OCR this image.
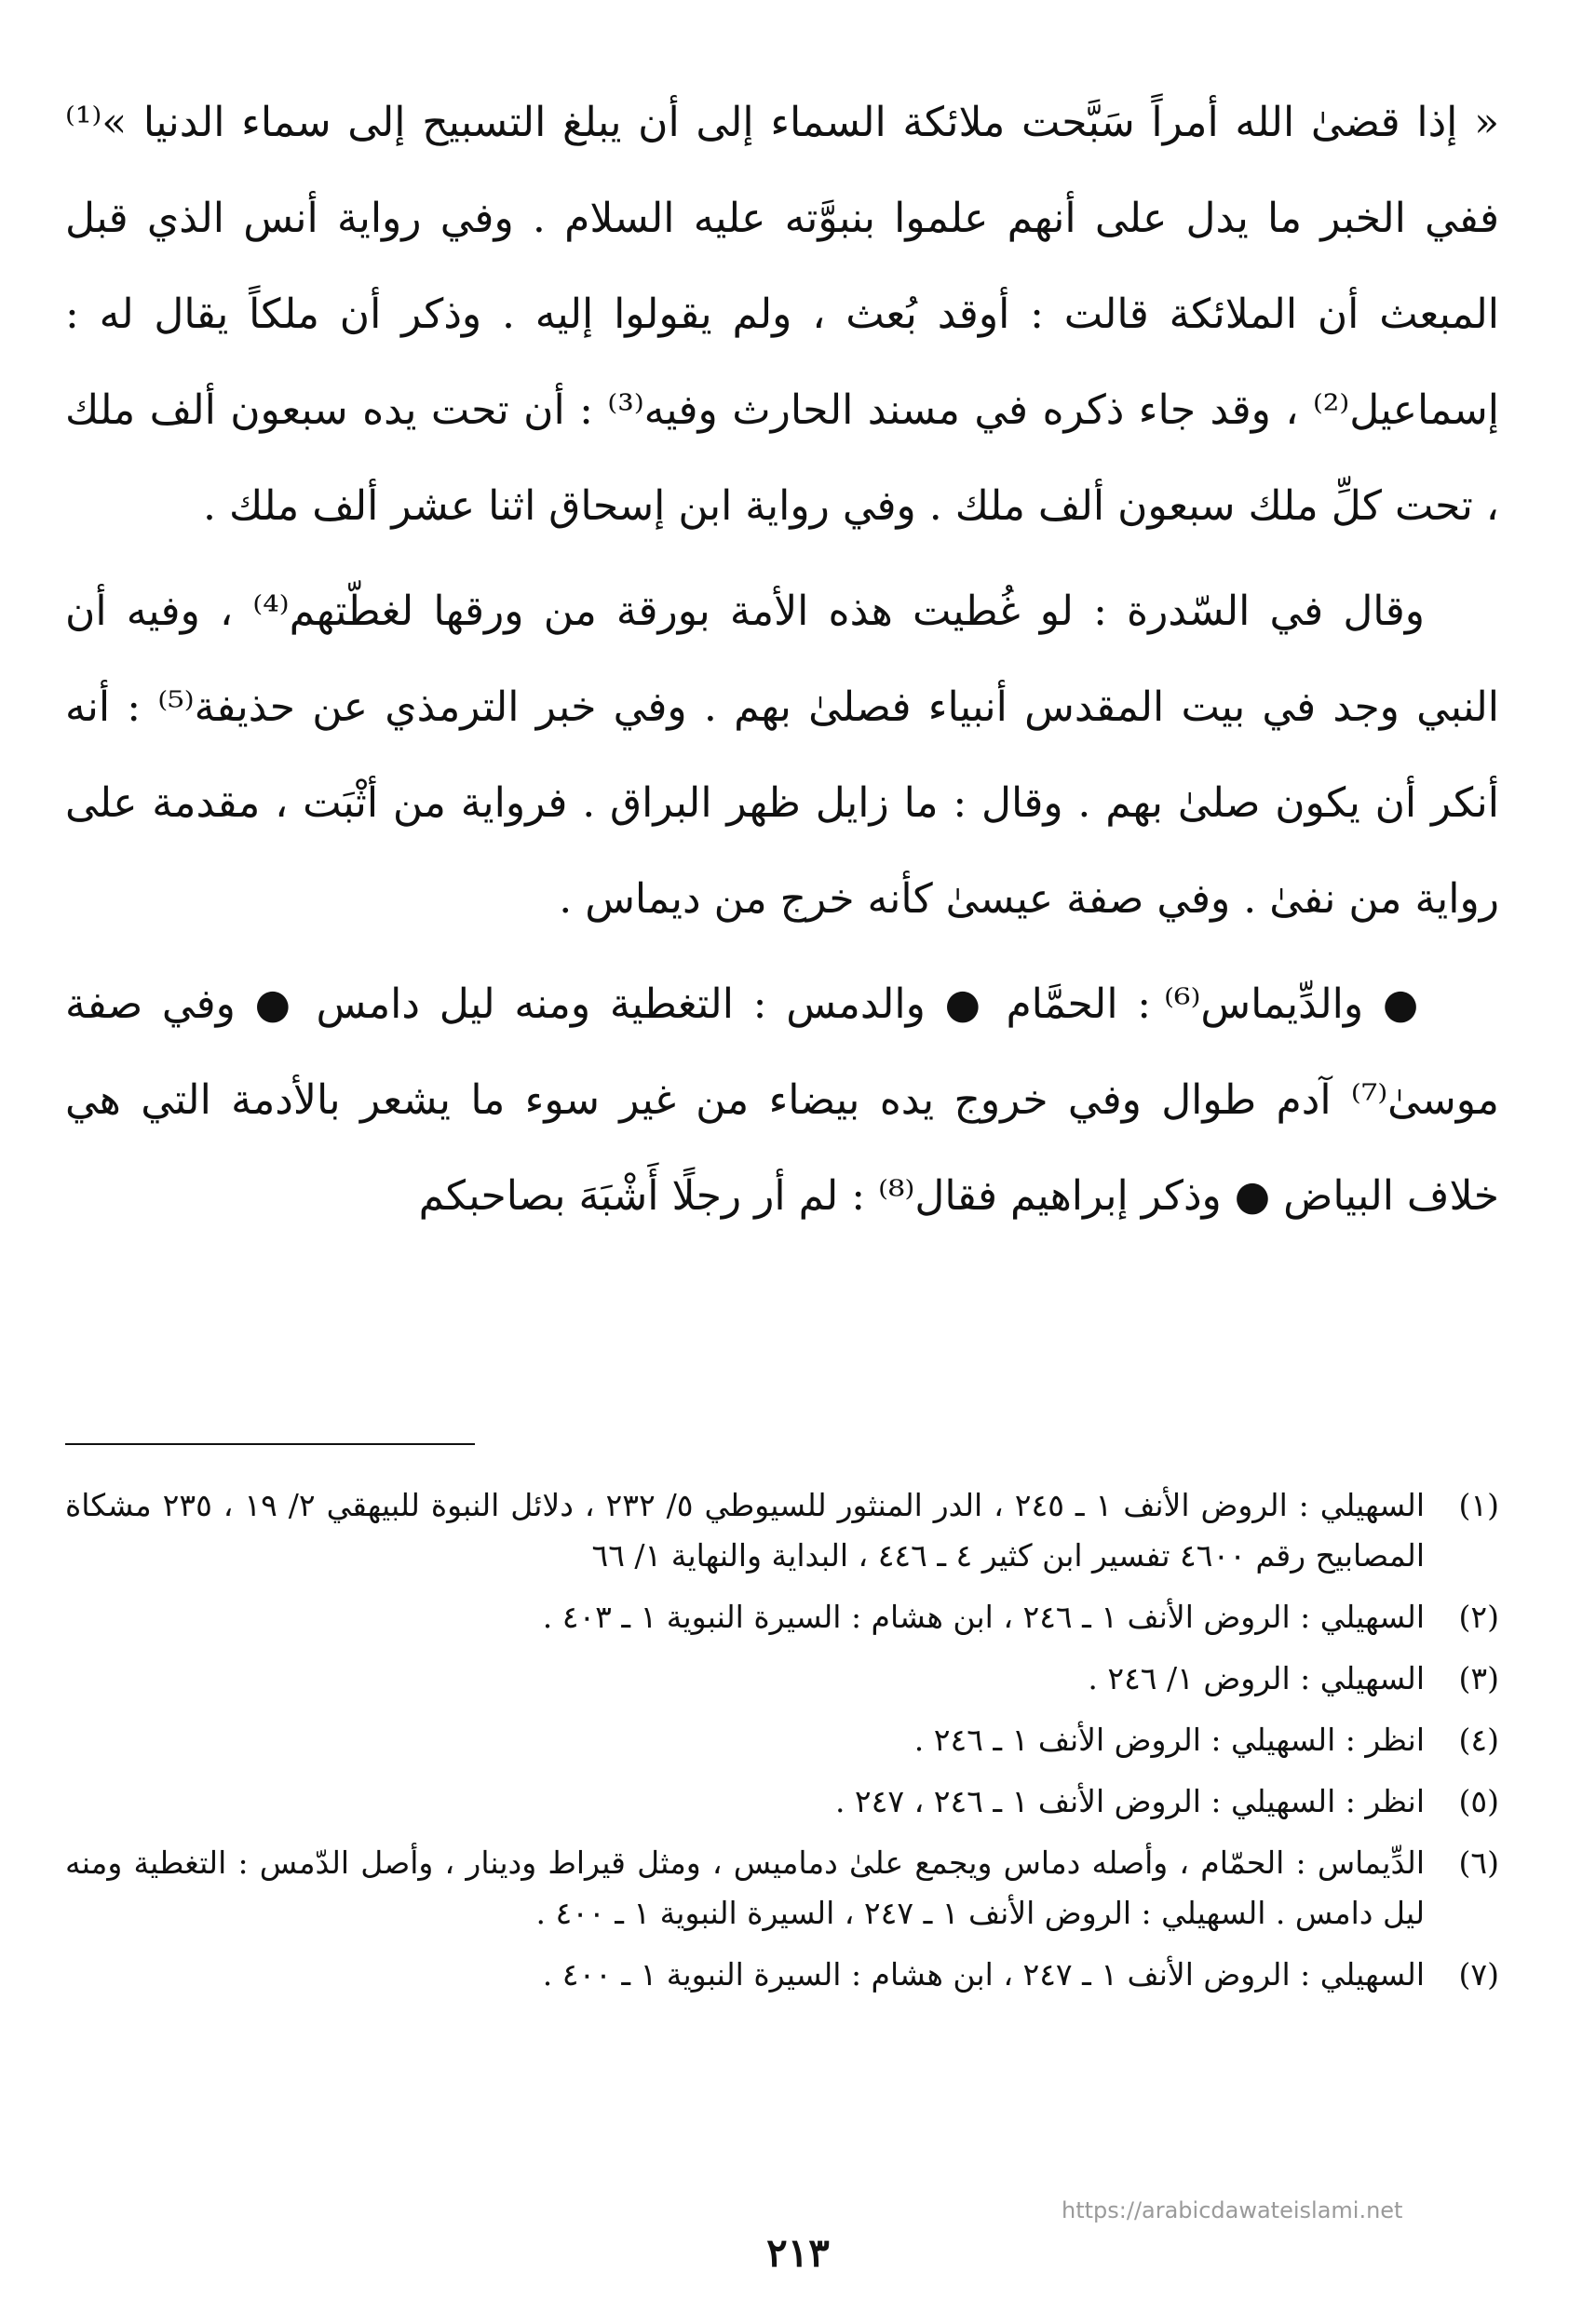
« إذا قضىٰ الله أمراً سَبَّحت ملائكة السماء إلى أن يبلغ التسبيح إلى سماء الدنيا »⁽¹⁾ ففي الخبر ما يدل على أنهم علموا بنبوَّته عليه السلام . وفي رواية أنس الذي قبل المبعث أن الملائكة قالت : أوقد بُعث ، ولم يقولوا إليه . وذكر أن ملكاً يقال له : إسماعيل⁽²⁾ ، وقد جاء ذكره في مسند الحارث وفيه⁽³⁾ : أن تحت يده سبعون ألف ملك ، تحت كلِّ ملك سبعون ألف ملك . وفي رواية ابن إسحاق اثنا عشر ألف ملك .

وقال في السّدرة : لو غُطيت هذه الأمة بورقة من ورقها لغطّتهم⁽⁴⁾ ، وفيه أن النبي وجد في بيت المقدس أنبياء فصلىٰ بهم . وفي خبر الترمذي عن حذيفة⁽⁵⁾ : أنه أنكر أن يكون صلىٰ بهم . وقال : ما زايل ظهر البراق . فرواية من أثْبَت ، مقدمة على رواية من نفىٰ . وفي صفة عيسىٰ كأنه خرج من ديماس .

● والدِّيماس⁽⁶⁾ : الحمَّام ● والدمس : التغطية ومنه ليل دامس ● وفي صفة موسىٰ⁽⁷⁾ آدم طوال وفي خروج يده بيضاء من غير سوء ما يشعر بالأدمة التي هي خلاف البياض ● وذكر إبراهيم فقال⁽⁸⁾ : لم أر رجلًا أَشْبَهَ بصاحبكم

(١)
السهيلي : الروض الأنف ١ ـ ٢٤٥ ، الدر المنثور للسيوطي ٥/ ٢٣٢ ، دلائل النبوة للبيهقي ٢/ ١٩ ، ٢٣٥ مشكاة المصابيح رقم ٤٦٠٠ تفسير ابن كثير ٤ ـ ٤٤٦ ، البداية والنهاية ١/ ٦٦
(٢)
السهيلي : الروض الأنف ١ ـ ٢٤٦ ، ابن هشام : السيرة النبوية ١ ـ ٤٠٣ .
(٣)
السهيلي : الروض ١/ ٢٤٦ .
(٤)
انظر : السهيلي : الروض الأنف ١ ـ ٢٤٦ .
(٥)
انظر : السهيلي : الروض الأنف ١ ـ ٢٤٦ ، ٢٤٧ .
(٦)
الدِّيماس : الحمّام ، وأصله دماس ويجمع علىٰ دماميس ، ومثل قيراط ودينار ، وأصل الدّمس : التغطية ومنه ليل دامس . السهيلي : الروض الأنف ١ ـ ٢٤٧ ، السيرة النبوية ١ ـ ٤٠٠ .
(٧)
السهيلي : الروض الأنف ١ ـ ٢٤٧ ، ابن هشام : السيرة النبوية ١ ـ ٤٠٠ .
https://arabicdawateislami.net
٢١٣
